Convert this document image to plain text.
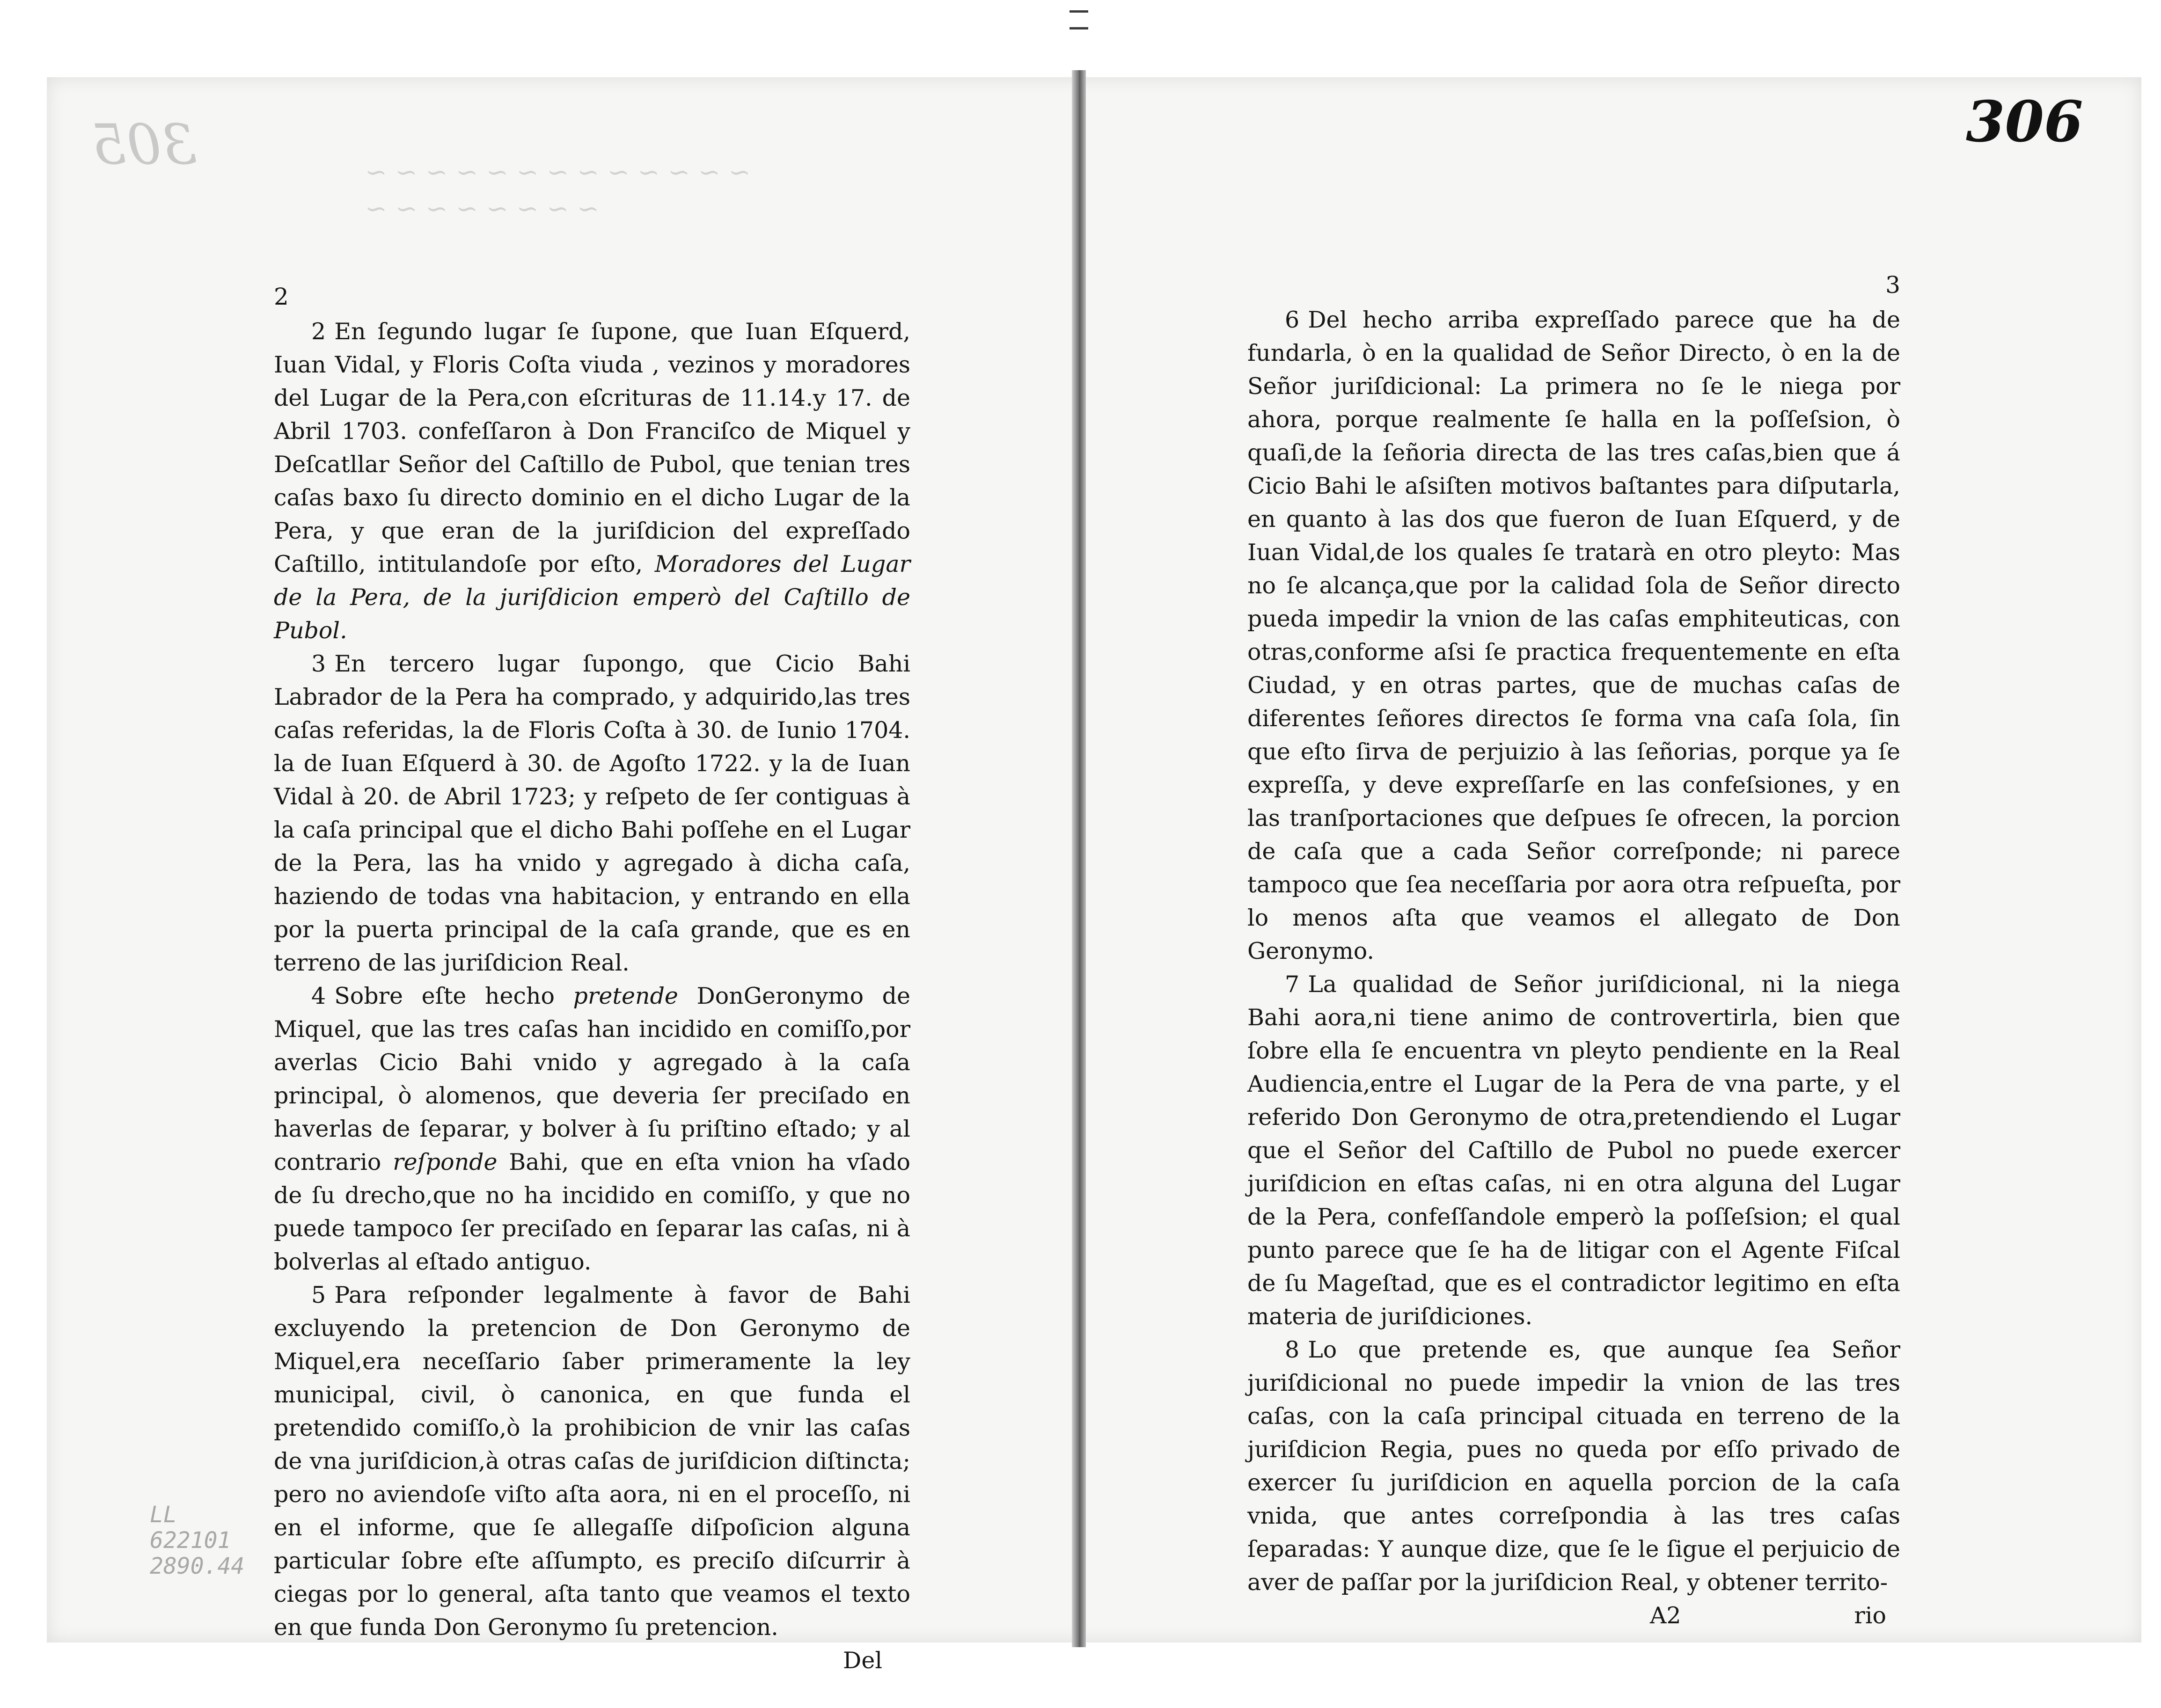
305	306
~ ~ ~ ~ ~ ~ ~ ~ ~ ~ ~ ~ ~
~ ~ ~ ~ ~ ~ ~ ~
LL
622101
2890.44
2

2 En ſegundo lugar ſe ſupone, que Iuan Eſquerd, Iuan Vidal, y Floris Coſta viuda , vezinos y moradores del Lugar de la Pera,con eſcrituras de 11.14.y 17. de Abril 1703. confeſſaron à Don Franciſco de Miquel y Deſcatllar Señor del Caſtillo de Pubol, que tenian tres caſas baxo ſu directo dominio en el dicho Lugar de la Pera, y que eran de la juriſdicion del expreſſado Caſtillo, intitulandoſe por eſto, Moradores del Lugar de la Pera, de la juriſdicion emperò del Caſtillo de Pubol.

3 En tercero lugar ſupongo, que Cicio Bahi Labrador de la Pera ha comprado, y adquirido,las tres caſas referidas, la de Floris Coſta à 30. de Iunio 1704. la de Iuan Eſquerd à 30. de Agoſto 1722. y la de Iuan Vidal à 20. de Abril 1723; y reſpeto de ſer contiguas à la caſa principal que el dicho Bahi poſſehe en el Lugar de la Pera, las ha vnido y agregado à dicha caſa, haziendo de todas vna habitacion, y entrando en ella por la puerta principal de la caſa grande, que es en terreno de las juriſdicion Real.

4 Sobre eſte hecho pretende DonGeronymo de Miquel, que las tres caſas han incidido en comiſſo,por averlas Cicio Bahi vnido y agregado à la caſa principal, ò alomenos, que deveria ſer preciſado en haverlas de ſeparar, y bolver à ſu priſtino eſtado; y al contrario reſponde Bahi, que en eſta vnion ha vſado de ſu drecho,que no ha incidido en comiſſo, y que no puede tampoco ſer preciſado en ſeparar las caſas, ni à bolverlas al eſtado antiguo.

5 Para reſponder legalmente à favor de Bahi excluyendo la pretencion de Don Geronymo de Miquel,era neceſſario ſaber primeramente la ley municipal, civil, ò canonica, en que funda el pretendido comiſſo,ò la prohibicion de vnir las caſas de vna juriſdicion,à otras caſas de juriſdicion diſtincta; pero no aviendoſe viſto aſta aora, ni en el proceſſo, ni en el informe, que ſe allegaſſe diſpoſicion alguna particular ſobre eſte aſſumpto, es preciſo diſcurrir à ciegas por lo general, aſta tanto que veamos el texto en que funda Don Geronymo ſu pretencion.

Del
3

6 Del hecho arriba expreſſado parece que ha de fundarla, ò en la qualidad de Señor Directo, ò en la de Señor juriſdicional: La primera no ſe le niega por ahora, porque realmente ſe halla en la poſſeſsion, ò quaſi,de la ſeñoria directa de las tres caſas,bien que á Cicio Bahi le aſsiſten motivos baſtantes para diſputarla, en quanto à las dos que fueron de Iuan Eſquerd, y de Iuan Vidal,de los quales ſe tratarà en otro pleyto: Mas no ſe alcança,que por la calidad ſola de Señor directo pueda impedir la vnion de las caſas emphiteuticas, con otras,conforme aſsi ſe practica frequentemente en eſta Ciudad, y en otras partes, que de muchas caſas de diferentes ſeñores directos ſe forma vna caſa ſola, ſin que eſto ſirva de perjuizio à las ſeñorias, porque ya ſe expreſſa, y deve expreſſarſe en las confeſsiones, y en las tranſportaciones que deſpues ſe ofrecen, la porcion de caſa que a cada Señor correſponde; ni parece tampoco que ſea neceſſaria por aora otra reſpueſta, por lo menos aſta que veamos el allegato de Don Geronymo.

7 La qualidad de Señor juriſdicional, ni la niega Bahi aora,ni tiene animo de controvertirla, bien que ſobre ella ſe encuentra vn pleyto pendiente en la Real Audiencia,entre el Lugar de la Pera de vna parte, y el referido Don Geronymo de otra,pretendiendo el Lugar que el Señor del Caſtillo de Pubol no puede exercer juriſdicion en eſtas caſas, ni en otra alguna del Lugar de la Pera, confeſſandole emperò la poſſeſsion; el qual punto parece que ſe ha de litigar con el Agente Fiſcal de ſu Mageſtad, que es el contradictor legitimo en eſta materia de juriſdiciones.

8 Lo que pretende es, que aunque ſea Señor juriſdicional no puede impedir la vnion de las tres caſas, con la caſa principal cituada en terreno de la juriſdicion Regia, pues no queda por eſſo privado de exercer ſu juriſdicion en aquella porcion de la caſa vnida, que antes correſpondia à las tres caſas ſeparadas: Y aunque dize, que ſe le ſigue el perjuicio de aver de paſſar por la juriſdicion Real, y obtener territo-

A2	rio
